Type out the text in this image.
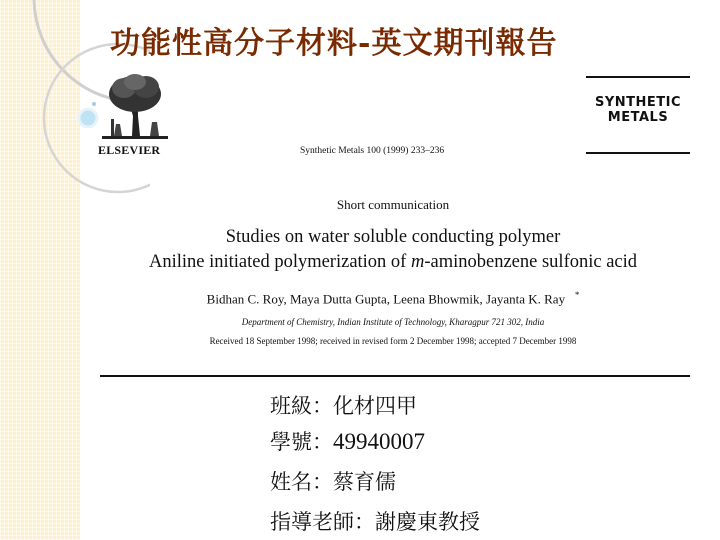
功能性高分子材料-英文期刊報告
ELSEVIER	Synthetic Metals 100 (1999) 233–236
SYNTHETIC
METALS
Short communication
Studies on water soluble conducting polymer
Aniline initiated polymerization of m-aminobenzene sulfonic acid
Bidhan C. Roy, Maya Dutta Gupta, Leena Bhowmik, Jayanta K. Ray *
Department of Chemistry, Indian Institute of Technology, Kharagpur 721 302, India
Received 18 September 1998; received in revised form 2 December 1998; accepted 7 December 1998
班級：化材四甲
學號：49940007
姓名：蔡育儒
指導老師：謝慶東教授
